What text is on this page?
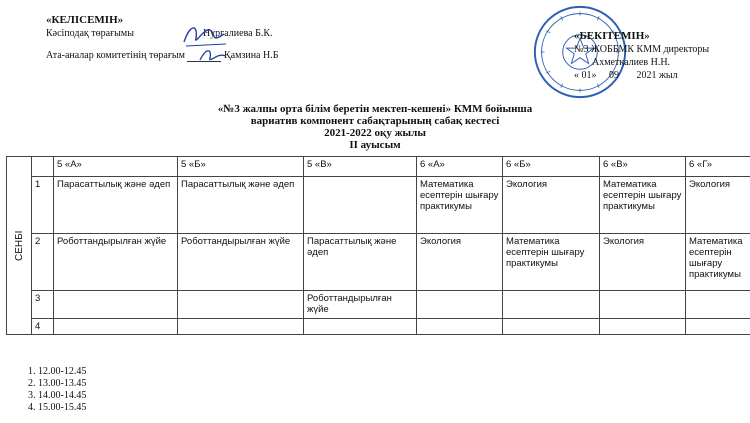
«КЕЛІСЕМІН»
Кәсіподақ төрағымы	Нургалиева Б.К.
Ата-аналар комитетінің төрағым	Қамзина Н.Б
«БЕКІТЕМІН»
№3 ЖОББМК КММ директоры
Ахметкалиев Н.Н.
« 01»     09       2021 жыл
«№3 жалпы орта білім беретін мектеп-кешені» КММ бойынша
вариатив компонент сабақтарының сабақ кестесі
2021-2022 оқу жылы
II ауысым
СЕНБІ		5 «А»	5 «Б»	5 «В»	6 «А»	6 «Б»	6 «В»	6 «Г»
	1	Парасаттылық және әдеп	Парасаттылық және әдеп		Математика есептерін шығару практикумы	Экология	Математика есептерін шығару практикумы	Экология
	2	Роботтандырылған жүйе	Роботтандырылған жүйе	Парасаттылық және әдеп	Экология	Математика есептерін шығару практикумы	Экология	Математика есептерін шығару практикумы
	3			Роботтандырылған жүйе				
	4							
1. 12.00-12.45
2. 13.00-13.45
3. 14.00-14.45
4. 15.00-15.45
